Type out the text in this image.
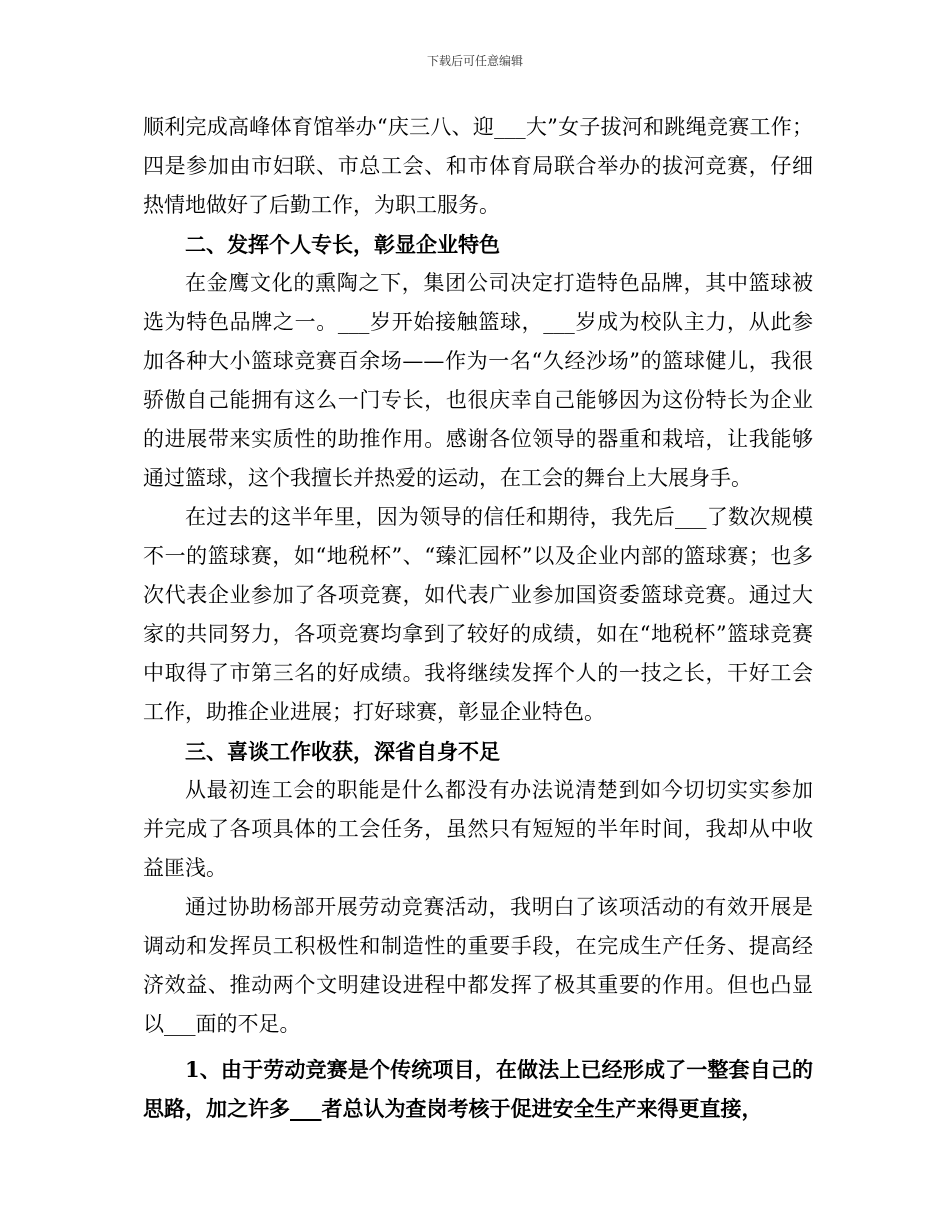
下载后可任意编辑

顺利完成高峰体育馆举办“庆三八、迎___大”女子拔河和跳绳竞赛工作；四是参加由市妇联、市总工会、和市体育局联合举办的拔河竞赛，仔细热情地做好了后勤工作，为职工服务。

二、发挥个人专长，彰显企业特色

在金鹰文化的熏陶之下，集团公司决定打造特色品牌，其中篮球被选为特色品牌之一。___岁开始接触篮球，___岁成为校队主力，从此参加各种大小篮球竞赛百余场——作为一名“久经沙场”的篮球健儿，我很骄傲自己能拥有这么一门专长，也很庆幸自己能够因为这份特长为企业的进展带来实质性的助推作用。感谢各位领导的器重和栽培，让我能够通过篮球，这个我擅长并热爱的运动，在工会的舞台上大展身手。

在过去的这半年里，因为领导的信任和期待，我先后___了数次规模不一的篮球赛，如“地税杯”、“臻汇园杯”以及企业内部的篮球赛；也多次代表企业参加了各项竞赛，如代表广业参加国资委篮球竞赛。通过大家的共同努力，各项竞赛均拿到了较好的成绩，如在“地税杯”篮球竞赛中取得了市第三名的好成绩。我将继续发挥个人的一技之长，干好工会工作，助推企业进展；打好球赛，彰显企业特色。

三、喜谈工作收获，深省自身不足

从最初连工会的职能是什么都没有办法说清楚到如今切切实实参加并完成了各项具体的工会任务，虽然只有短短的半年时间，我却从中收益匪浅。

通过协助杨部开展劳动竞赛活动，我明白了该项活动的有效开展是调动和发挥员工积极性和制造性的重要手段，在完成生产任务、提高经济效益、推动两个文明建设进程中都发挥了极其重要的作用。但也凸显以___面的不足。

1、由于劳动竞赛是个传统项目，在做法上已经形成了一整套自己的思路，加之许多___者总认为查岗考核于促进安全生产来得更直接，
